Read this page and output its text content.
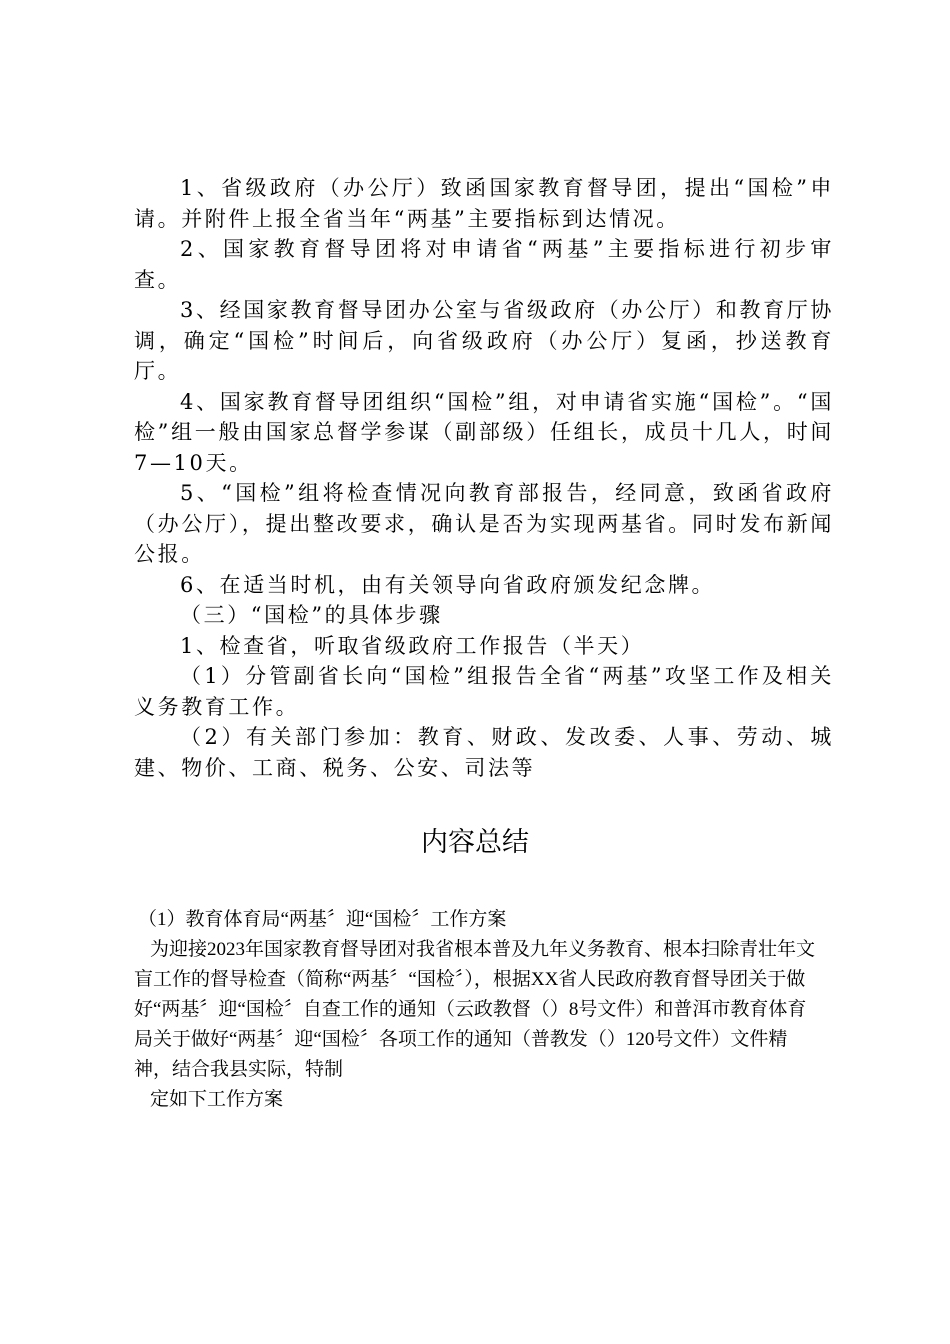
1、省级政府（办公厅）致函国家教育督导团，提出“国检”申请。并附件上报全省当年“两基”主要指标到达情况。

2、国家教育督导团将对申请省“两基”主要指标进行初步审查。

3、经国家教育督导团办公室与省级政府（办公厅）和教育厅协调，确定“国检”时间后，向省级政府（办公厅）复函，抄送教育厅。

4、国家教育督导团组织“国检”组，对申请省实施“国检”。“国检”组一般由国家总督学参谋（副部级）任组长，成员十几人，时间7—10天。

5、“国检”组将检查情况向教育部报告，经同意，致函省政府（办公厅），提出整改要求，确认是否为实现两基省。同时发布新闻公报。

6、在适当时机，由有关领导向省政府颁发纪念牌。

（三）“国检”的具体步骤

1、检查省，听取省级政府工作报告（半天）

（1）分管副省长向“国检”组报告全省“两基”攻坚工作及相关义务教育工作。

（2）有关部门参加：教育、财政、发改委、人事、劳动、城建、物价、工商、税务、公安、司法等

内容总结

（1）教育体育局“两基〞迎“国检〞工作方案

为迎接2023年国家教育督导团对我省根本普及九年义务教育、根本扫除青壮年文盲工作的督导检查（简称“两基〞“国检〞），根据XX省人民政府教育督导团关于做好“两基〞迎“国检〞自查工作的通知（云政教督（）8号文件）和普洱市教育体育局关于做好“两基〞迎“国检〞各项工作的通知（普教发（）120号文件）文件精神，结合我县实际，特制

定如下工作方案
